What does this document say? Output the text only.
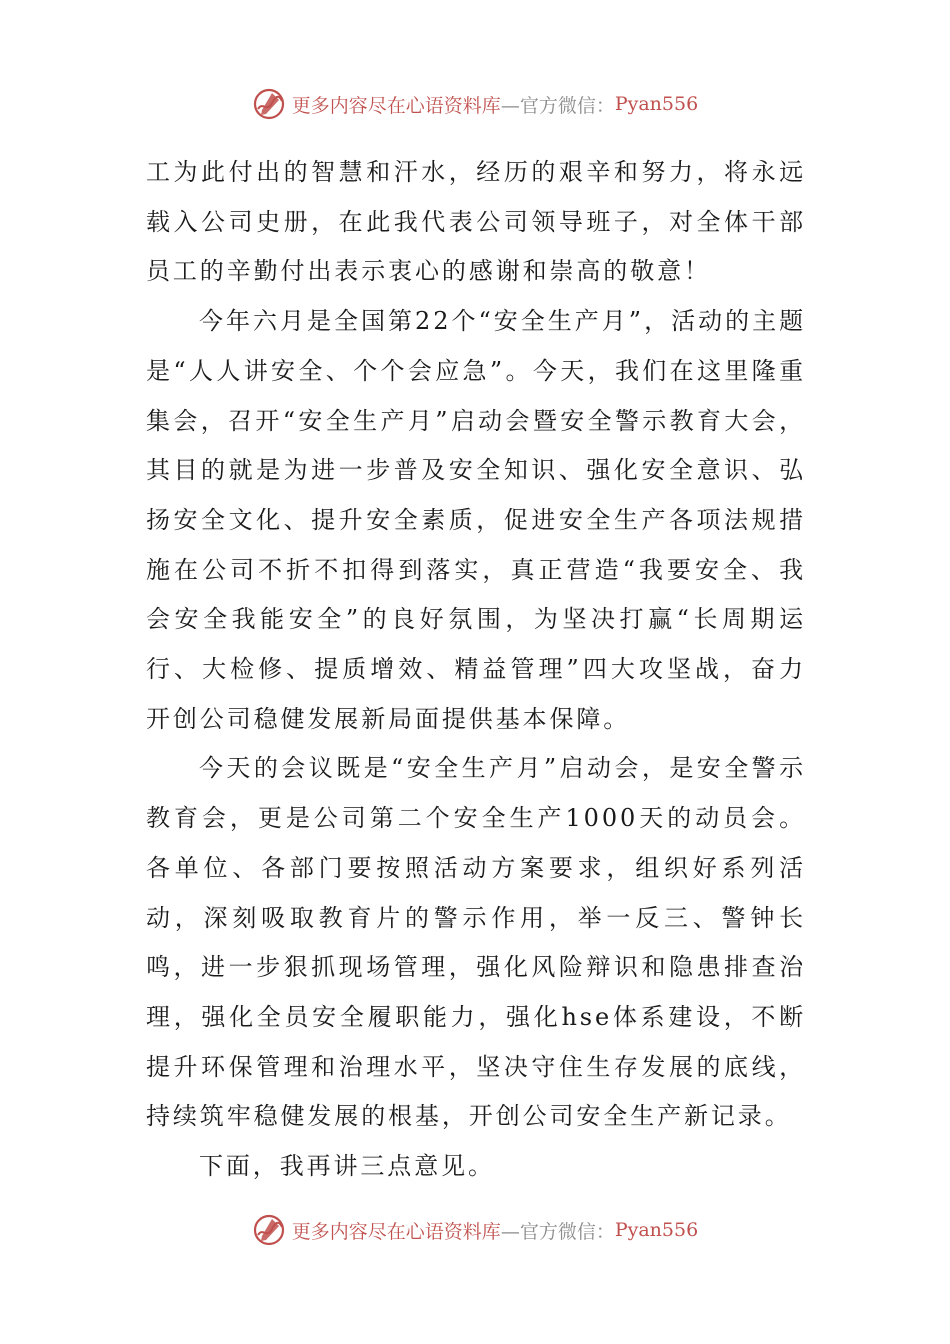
更多内容尽在心语资料库 —官方微信： Pyan556

工为此付出的智慧和汗水，经历的艰辛和努力，将永远载入公司史册，在此我代表公司领导班子，对全体干部员工的辛勤付出表示衷心的感谢和崇高的敬意！

今年六月是全国第22个“安全生产月”，活动的主题是“人人讲安全、个个会应急”。今天，我们在这里隆重集会，召开“安全生产月”启动会暨安全警示教育大会，其目的就是为进一步普及安全知识、强化安全意识、弘扬安全文化、提升安全素质，促进安全生产各项法规措施在公司不折不扣得到落实，真正营造“我要安全、我会安全我能安全”的良好氛围，为坚决打赢“长周期运行、大检修、提质增效、精益管理”四大攻坚战，奋力开创公司稳健发展新局面提供基本保障。

今天的会议既是“安全生产月”启动会，是安全警示教育会，更是公司第二个安全生产1000天的动员会。各单位、各部门要按照活动方案要求，组织好系列活动，深刻吸取教育片的警示作用，举一反三、警钟长鸣，进一步狠抓现场管理，强化风险辩识和隐患排查治理，强化全员安全履职能力，强化hse体系建设，不断提升环保管理和治理水平，坚决守住生存发展的底线，持续筑牢稳健发展的根基，开创公司安全生产新记录。

下面，我再讲三点意见。

更多内容尽在心语资料库 —官方微信： Pyan556
